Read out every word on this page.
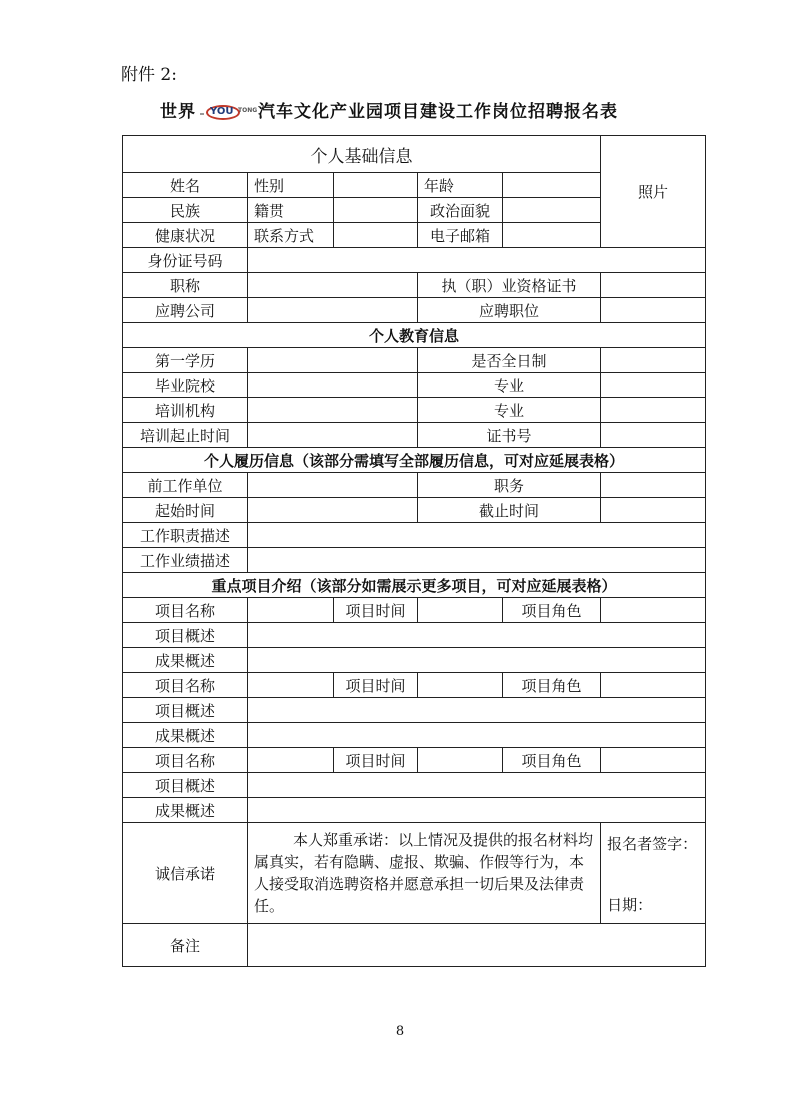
附件 2:
世界 YOU TONG 汽车文化产业园项目建设工作岗位招聘报名表
个人基础信息					照片
姓名	性别		年龄		
民族	籍贯		政治面貌		
健康状况	联系方式		电子邮箱		
身份证号码					
职称			执（职）业资格证书		
应聘公司			应聘职位		
个人教育信息					
第一学历			是否全日制		
毕业院校			专业		
培训机构			专业		
培训起止时间			证书号		
个人履历信息（该部分需填写全部履历信息，可对应延展表格）					
前工作单位			职务		
起始时间			截止时间		
工作职责描述					
工作业绩描述					
重点项目介绍（该部分如需展示更多项目，可对应延展表格）					
项目名称		项目时间		项目角色	
项目概述					
成果概述					
项目名称		项目时间		项目角色	
项目概述					
成果概述					
项目名称		项目时间		项目角色	
项目概述					
成果概述					
诚信承诺	本人郑重承诺：以上情况及提供的报名材料均属真实，若有隐瞒、虚报、欺骗、作假等行为，本人接受取消选聘资格并愿意承担一切后果及法律责任。				报名者签字：
日期：

备注					
8
